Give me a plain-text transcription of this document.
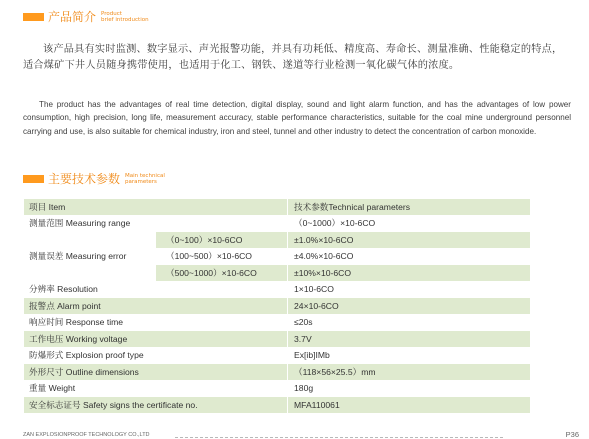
产品简介 Product
brief introduction
该产品具有实时监测、数字显示、声光报警功能，并具有功耗低、精度高、寿命长、测量准确、性能稳定的特点，适合煤矿下井人员随身携带使用，也适用于化工、钢铁、遂道等行业检测一氧化碳气体的浓度。
The product has the advantages of real time detection, digital display, sound and light alarm function, and has the advantages of low power consumption, high precision, long life, measurement accuracy, stable performance characteristics, suitable for the coal mine underground personnel carrying and use, is also suitable for chemical industry, iron and steel, tunnel and other industry to detect the concentration of carbon monoxide.
主要技术参数 Main technical
parameters
项目 Item		技术参数Technical parameters
测量范围 Measuring range		（0~1000）×10-6CO
测量误差 Measuring error	（0~100）×10-6CO	±1.0%×10-6CO
	（100~500）×10-6CO	±4.0%×10-6CO
	（500~1000）×10-6CO	±10%×10-6CO
分辨率 Resolution		1×10-6CO
报警点 Alarm point		24×10-6CO
响应时间 Response time		≤20s
工作电压 Working voltage		3.7V
防爆形式 Explosion proof type		Ex[ib]IMb
外形尺寸 Outline dimensions		（118×56×25.5）mm
重量 Weight		180g
安全标志证号 Safety signs the certificate no.		MFA110061
ZAN EXPLOSIONPROOF TECHNOLOGY CO.,LTD	P36
